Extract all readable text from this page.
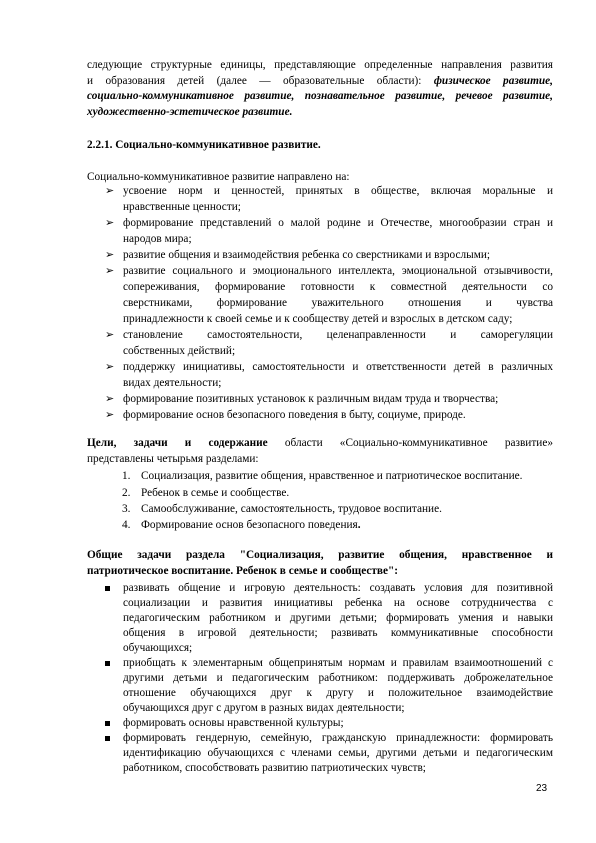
следующие структурные единицы, представляющие определенные направления развития
и образования детей (далее — образовательные области): физическое развитие,
социально-коммуникативное развитие, познавательное развитие, речевое развитие,
художественно-эстетическое развитие.
2.2.1. Социально-коммуникативное развитие.
Социально-коммуникативное развитие направлено на:
➢ усвоение норм и ценностей, принятых в обществе, включая моральные и
нравственные ценности;
➢ формирование представлений о малой родине и Отечестве, многообразии стран и
народов мира;
➢ развитие общения и взаимодействия ребенка со сверстниками и взрослыми;
➢ развитие социального и эмоционального интеллекта, эмоциональной отзывчивости,
сопереживания, формирование готовности к совместной деятельности со
сверстниками, формирование уважительного отношения и чувства
принадлежности к своей семье и к сообществу детей и взрослых в детском саду;
➢ становление самостоятельности, целенаправленности и саморегуляции
собственных действий;
➢ поддержку инициативы, самостоятельности и ответственности детей в различных
видах деятельности;
➢ формирование позитивных установок к различным видам труда и творчества;
➢ формирование основ безопасного поведения в быту, социуме, природе.
Цели, задачи и содержание области «Социально-коммуникативное развитие»
представлены четырьмя разделами:
1. Социализация, развитие общения, нравственное и патриотическое воспитание.
2. Ребенок в семье и сообществе.
3. Самообслуживание, самостоятельность, трудовое воспитание.
4. Формирование основ безопасного поведения.
Общие задачи раздела "Социализация, развитие общения, нравственное и
патриотическое воспитание. Ребенок в семье и сообществе":
развивать общение и игровую деятельность: создавать условия для позитивной
социализации и развития инициативы ребенка на основе сотрудничества с
педагогическим работником и другими детьми; формировать умения и навыки
общения в игровой деятельности; развивать коммуникативные способности
обучающихся;
приобщать к элементарным общепринятым нормам и правилам взаимоотношений с
другими детьми и педагогическим работником: поддерживать доброжелательное
отношение обучающихся друг к другу и положительное взаимодействие
обучающихся друг с другом в разных видах деятельности;
формировать основы нравственной культуры;
формировать гендерную, семейную, гражданскую принадлежности: формировать
идентификацию обучающихся с членами семьи, другими детьми и педагогическим
работником, способствовать развитию патриотических чувств;
23
